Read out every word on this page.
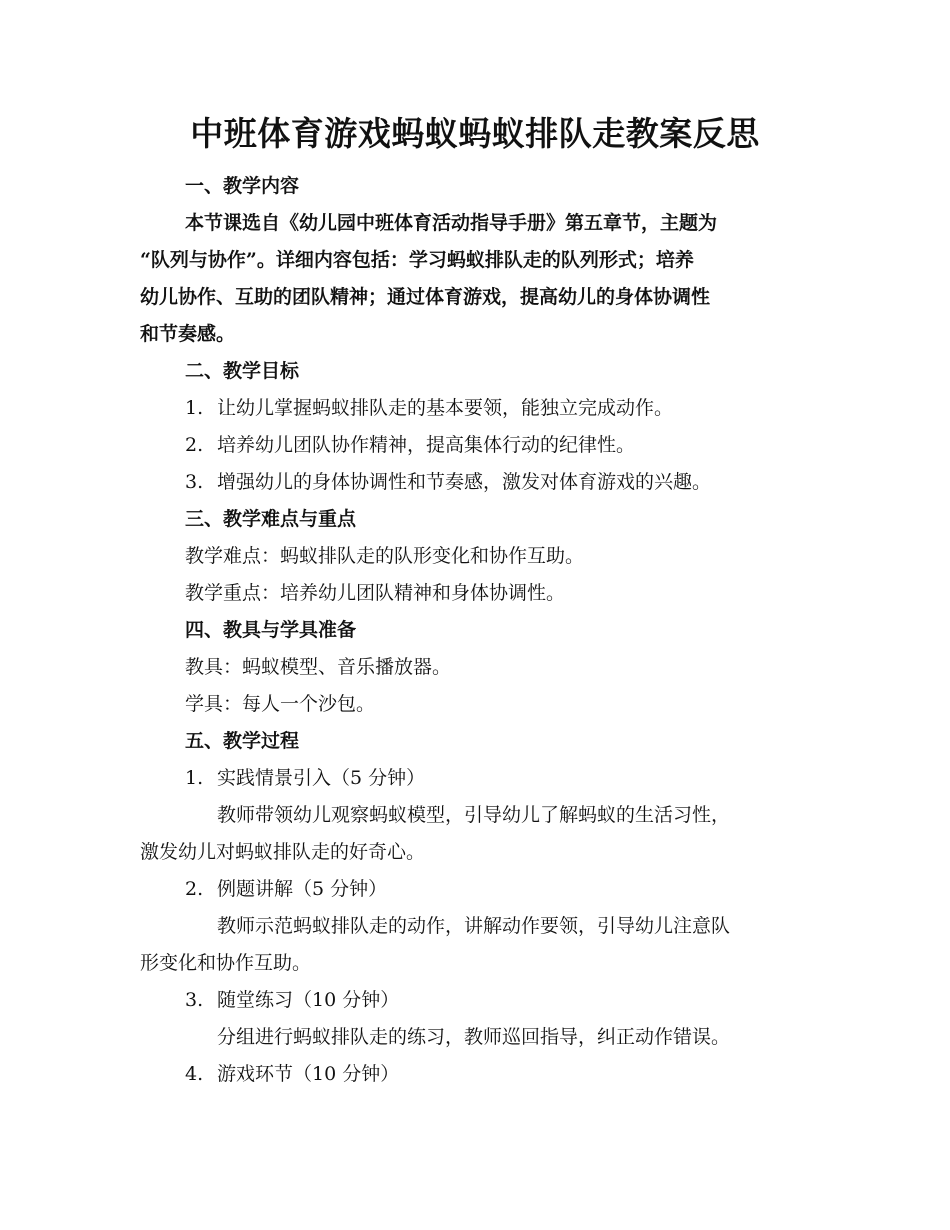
中班体育游戏蚂蚁蚂蚁排队走教案反思
一、教学内容
本节课选自《幼儿园中班体育活动指导手册》第五章节，主题为
“队列与协作”。详细内容包括：学习蚂蚁排队走的队列形式；培养
幼儿协作、互助的团队精神；通过体育游戏，提高幼儿的身体协调性
和节奏感。
二、教学目标
1. 让幼儿掌握蚂蚁排队走的基本要领，能独立完成动作。
2. 培养幼儿团队协作精神，提高集体行动的纪律性。
3. 增强幼儿的身体协调性和节奏感，激发对体育游戏的兴趣。
三、教学难点与重点
教学难点：蚂蚁排队走的队形变化和协作互助。
教学重点：培养幼儿团队精神和身体协调性。
四、教具与学具准备
教具：蚂蚁模型、音乐播放器。
学具：每人一个沙包。
五、教学过程
1. 实践情景引入（5 分钟）
教师带领幼儿观察蚂蚁模型，引导幼儿了解蚂蚁的生活习性，
激发幼儿对蚂蚁排队走的好奇心。
2. 例题讲解（5 分钟）
教师示范蚂蚁排队走的动作，讲解动作要领，引导幼儿注意队
形变化和协作互助。
3. 随堂练习（10 分钟）
分组进行蚂蚁排队走的练习，教师巡回指导，纠正动作错误。
4. 游戏环节（10 分钟）
